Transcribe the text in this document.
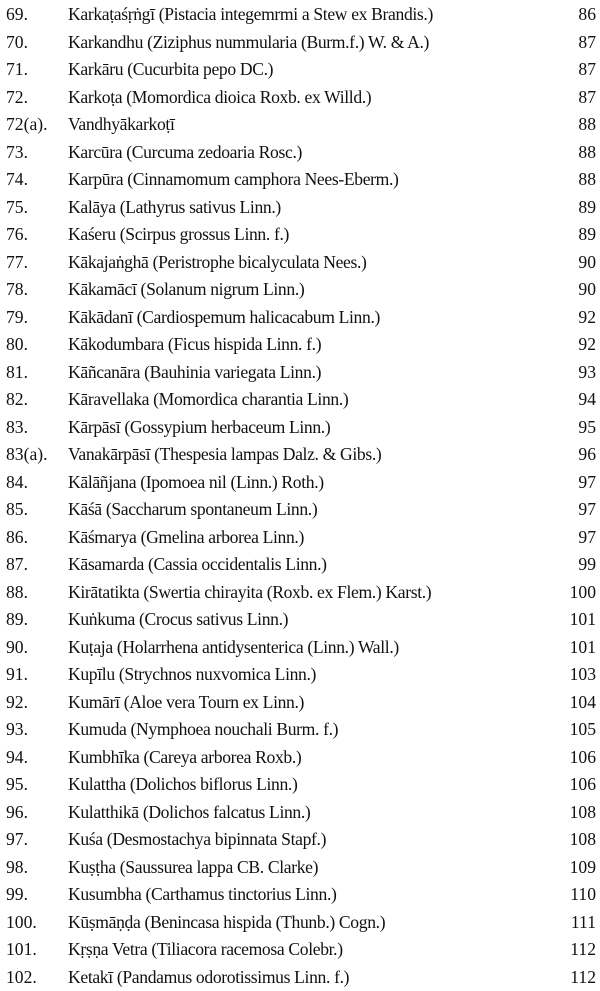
69. Karkaṭaśṛṅgī (Pistacia integemrmi a Stew ex Brandis.)	86
70. Karkandhu (Ziziphus nummularia (Burm.f.) W. & A.)	87
71. Karkāru (Cucurbita pepo DC.)	87
72. Karkoṭa (Momordica dioica Roxb. ex Willd.)	87
72(a). Vandhyākarkoṭī	88
73. Karcūra (Curcuma zedoaria Rosc.)	88
74. Karpūra (Cinnamomum camphora Nees-Eberm.)	88
75. Kalāya (Lathyrus sativus Linn.)	89
76. Kaśeru (Scirpus grossus Linn. f.)	89
77. Kākajaṅghā (Peristrophe bicalyculata Nees.)	90
78. Kākamācī (Solanum nigrum Linn.)	90
79. Kākādanī (Cardiospemum halicacabum Linn.)	92
80. Kākodumbara (Ficus hispida Linn. f.)	92
81. Kāñcanāra (Bauhinia variegata Linn.)	93
82. Kāravellaka (Momordica charantia Linn.)	94
83. Kārpāsī (Gossypium herbaceum Linn.)	95
83(a). Vanakārpāsī (Thespesia lampas Dalz. & Gibs.)	96
84. Kālāñjana (Ipomoea nil (Linn.) Roth.)	97
85. Kāśā (Saccharum spontaneum Linn.)	97
86. Kāśmarya (Gmelina arborea Linn.)	97
87. Kāsamarda (Cassia occidentalis Linn.)	99
88. Kirātatikta (Swertia chirayita (Roxb. ex Flem.) Karst.)	100
89. Kuṅkuma (Crocus sativus Linn.)	101
90. Kuṭaja (Holarrhena antidysenterica (Linn.) Wall.)	101
91. Kupīlu (Strychnos nuxvomica Linn.)	103
92. Kumārī (Aloe vera Tourn ex Linn.)	104
93. Kumuda (Nymphoea nouchali Burm. f.)	105
94. Kumbhīka (Careya arborea Roxb.)	106
95. Kulattha (Dolichos biflorus Linn.)	106
96. Kulatthikā (Dolichos falcatus Linn.)	108
97. Kuśa (Desmostachya bipinnata Stapf.)	108
98. Kuṣṭha (Saussurea lappa CB. Clarke)	109
99. Kusumbha (Carthamus tinctorius Linn.)	110
100. Kūṣmāṇḍa (Benincasa hispida (Thunb.) Cogn.)	111
101. Kṛṣṇa Vetra (Tiliacora racemosa Colebr.)	112
102. Ketakī (Pandamus odorotissimus Linn. f.)	112
